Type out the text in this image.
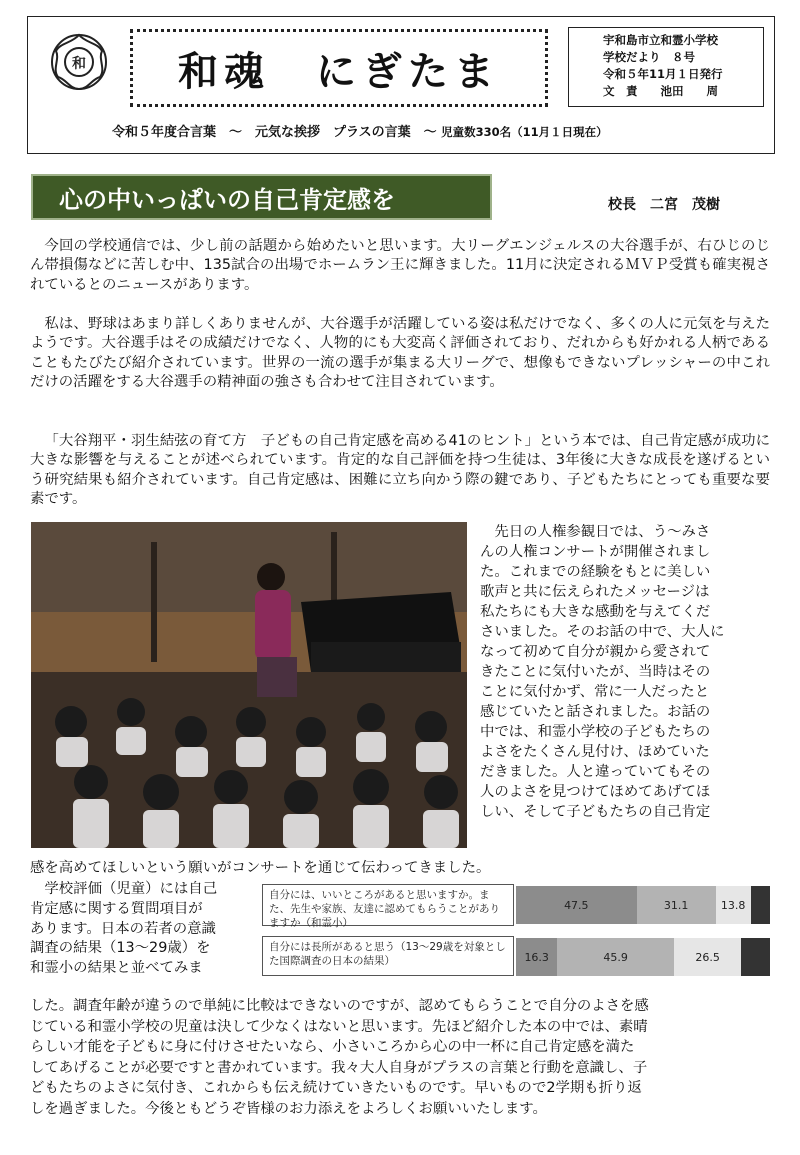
和 和魂　にぎたま
宇和島市立和霊小学校
学校だより　８号
令和５年11月１日発行
文　責　　池田　　周
令和５年度合言葉　～　元気な挨拶　プラスの言葉　～ 児童数330名（11月１日現在）
心の中いっぱいの自己肯定感を	校長　二宮　茂樹

今回の学校通信では、少し前の話題から始めたいと思います。大リーグエンジェルスの大谷選手が、右ひじのじん帯損傷などに苦しむ中、135試合の出場でホームラン王に輝きました。11月に決定されるＭＶＰ受賞も確実視されているとのニュースがあります。

私は、野球はあまり詳しくありませんが、大谷選手が活躍している姿は私だけでなく、多くの人に元気を与えたようです。大谷選手はその成績だけでなく、人物的にも大変高く評価されており、だれからも好かれる人柄であることもたびたび紹介されています。世界の一流の選手が集まる大リーグで、想像もできないプレッシャーの中これだけの活躍をする大谷選手の精神面の強さも合わせて注目されています。

「大谷翔平・羽生結弦の育て方　子どもの自己肯定感を高める41のヒント」という本では、自己肯定感が成功に大きな影響を与えることが述べられています。肯定的な自己評価を持つ生徒は、3年後に大きな成長を遂げるという研究結果も紹介されています。自己肯定感は、困難に立ち向かう際の鍵であり、子どもたちにとっても重要な要素です。

　先日の人権参観日では、う～みさ
んの人権コンサートが開催されまし
た。これまでの経験をもとに美しい
歌声と共に伝えられたメッセージは
私たちにも大きな感動を与えてくだ
さいました。そのお話の中で、大人に
なって初めて自分が親から愛されて
きたことに気付いたが、当時はその
ことに気付かず、常に一人だったと
感じていたと話されました。お話の
中では、和霊小学校の子どもたちの
よさをたくさん見付け、ほめていた
だきました。人と違っていてもその
人のよさを見つけてほめてあげてほ
しい、そして子どもたちの自己肯定
感を高めてほしいという願いがコンサートを通じて伝わってきました。
　学校評価（児童）には自己
肯定感に関する質問項目が
あります。日本の若者の意識
調査の結果（13～29歳）を
和霊小の結果と並べてみま
自分には、いいところがあると思いますか。また、先生や家族、友達に認めてもらうことがありますか（和霊小）
自分には長所があると思う（13～29歳を対象とした国際調査の日本の結果）
47.5	31.1	13.8
16.3	45.9	26.5
した。調査年齢が違うので単純に比較はできないのですが、認めてもらうことで自分のよさを感
じている和霊小学校の児童は決して少なくはないと思います。先ほど紹介した本の中では、素晴
らしい才能を子どもに身に付けさせたいなら、小さいころから心の中一杯に自己肯定感を満た
してあげることが必要ですと書かれています。我々大人自身がプラスの言葉と行動を意識し、子
どもたちのよさに気付き、これからも伝え続けていきたいものです。早いもので2学期も折り返
しを過ぎました。今後ともどうぞ皆様のお力添えをよろしくお願いいたします。
